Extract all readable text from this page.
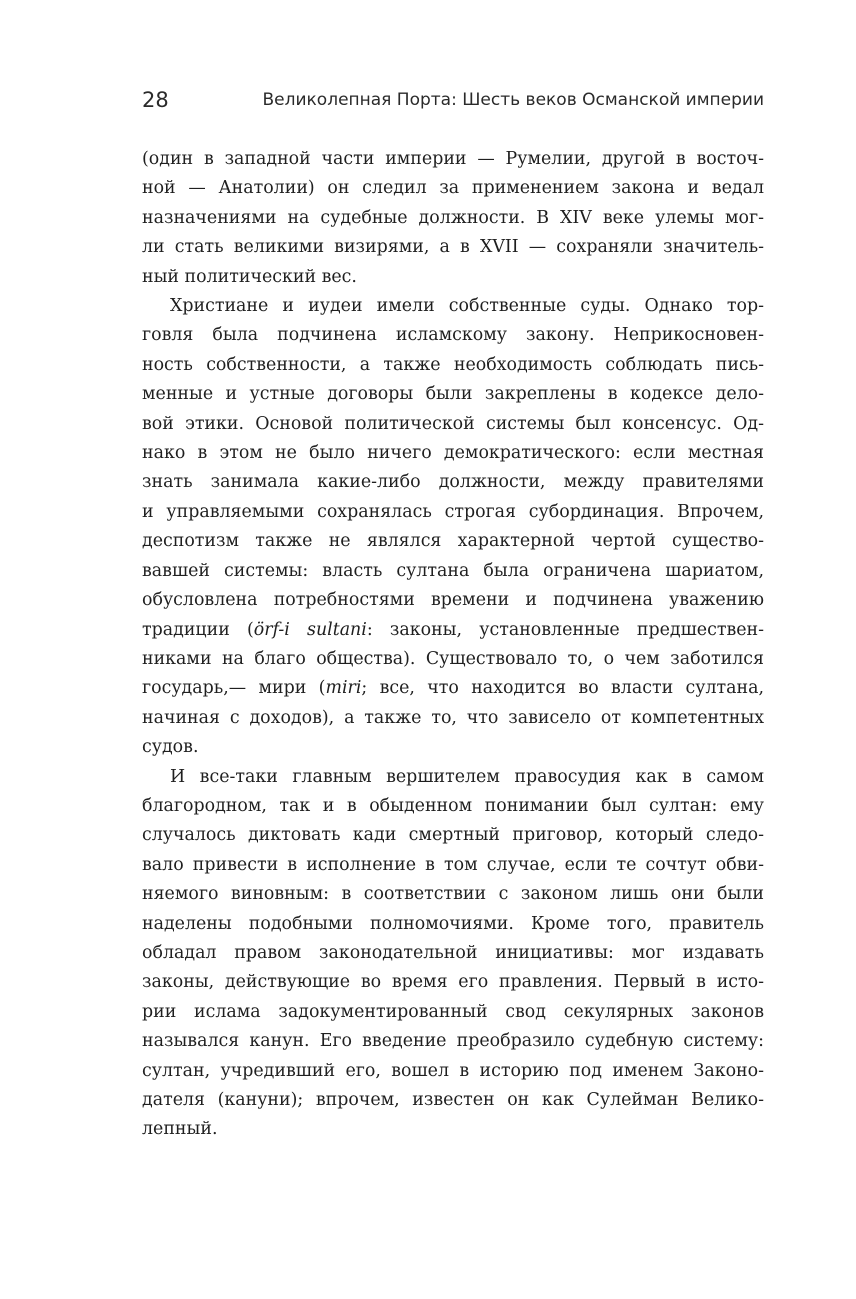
28	Великолепная Порта: Шесть веков Османской империи

(один в западной части империи — Румелии, другой в восточ-

ной — Анатолии) он следил за применением закона и ведал

назначениями на судебные должности. В XIV веке улемы мог-

ли стать великими визирями, а в XVII — сохраняли значитель-

ный политический вес.

Христиане и иудеи имели собственные суды. Однако тор-

говля была подчинена исламскому закону. Неприкосновен-

ность собственности, а также необходимость соблюдать пись-

менные и устные договоры были закреплены в кодексе дело-

вой этики. Основой политической системы был консенсус. Од-

нако в этом не было ничего демократического: если местная

знать занимала какие-либо должности, между правителями

и управляемыми сохранялась строгая субординация. Впрочем,

деспотизм также не являлся характерной чертой существо-

вавшей системы: власть султана была ограничена шариатом,

обусловлена потребностями времени и подчинена уважению

традиции (örf-i sultani: законы, установленные предшествен-

никами на благо общества). Существовало то, о чем заботился

государь,— мири (miri; все, что находится во власти султана,

начиная с доходов), а также то, что зависело от компетентных

судов.

И все-таки главным вершителем правосудия как в самом

благородном, так и в обыденном понимании был султан: ему

случалось диктовать кади смертный приговор, который следо-

вало привести в исполнение в том случае, если те сочтут обви-

няемого виновным: в соответствии с законом лишь они были

наделены подобными полномочиями. Кроме того, правитель

обладал правом законодательной инициативы: мог издавать

законы, действующие во время его правления. Первый в исто-

рии ислама задокументированный свод секулярных законов

назывался канун. Его введение преобразило судебную систему:

султан, учредивший его, вошел в историю под именем Законо-

дателя (кануни); впрочем, известен он как Сулейман Велико-

лепный.
